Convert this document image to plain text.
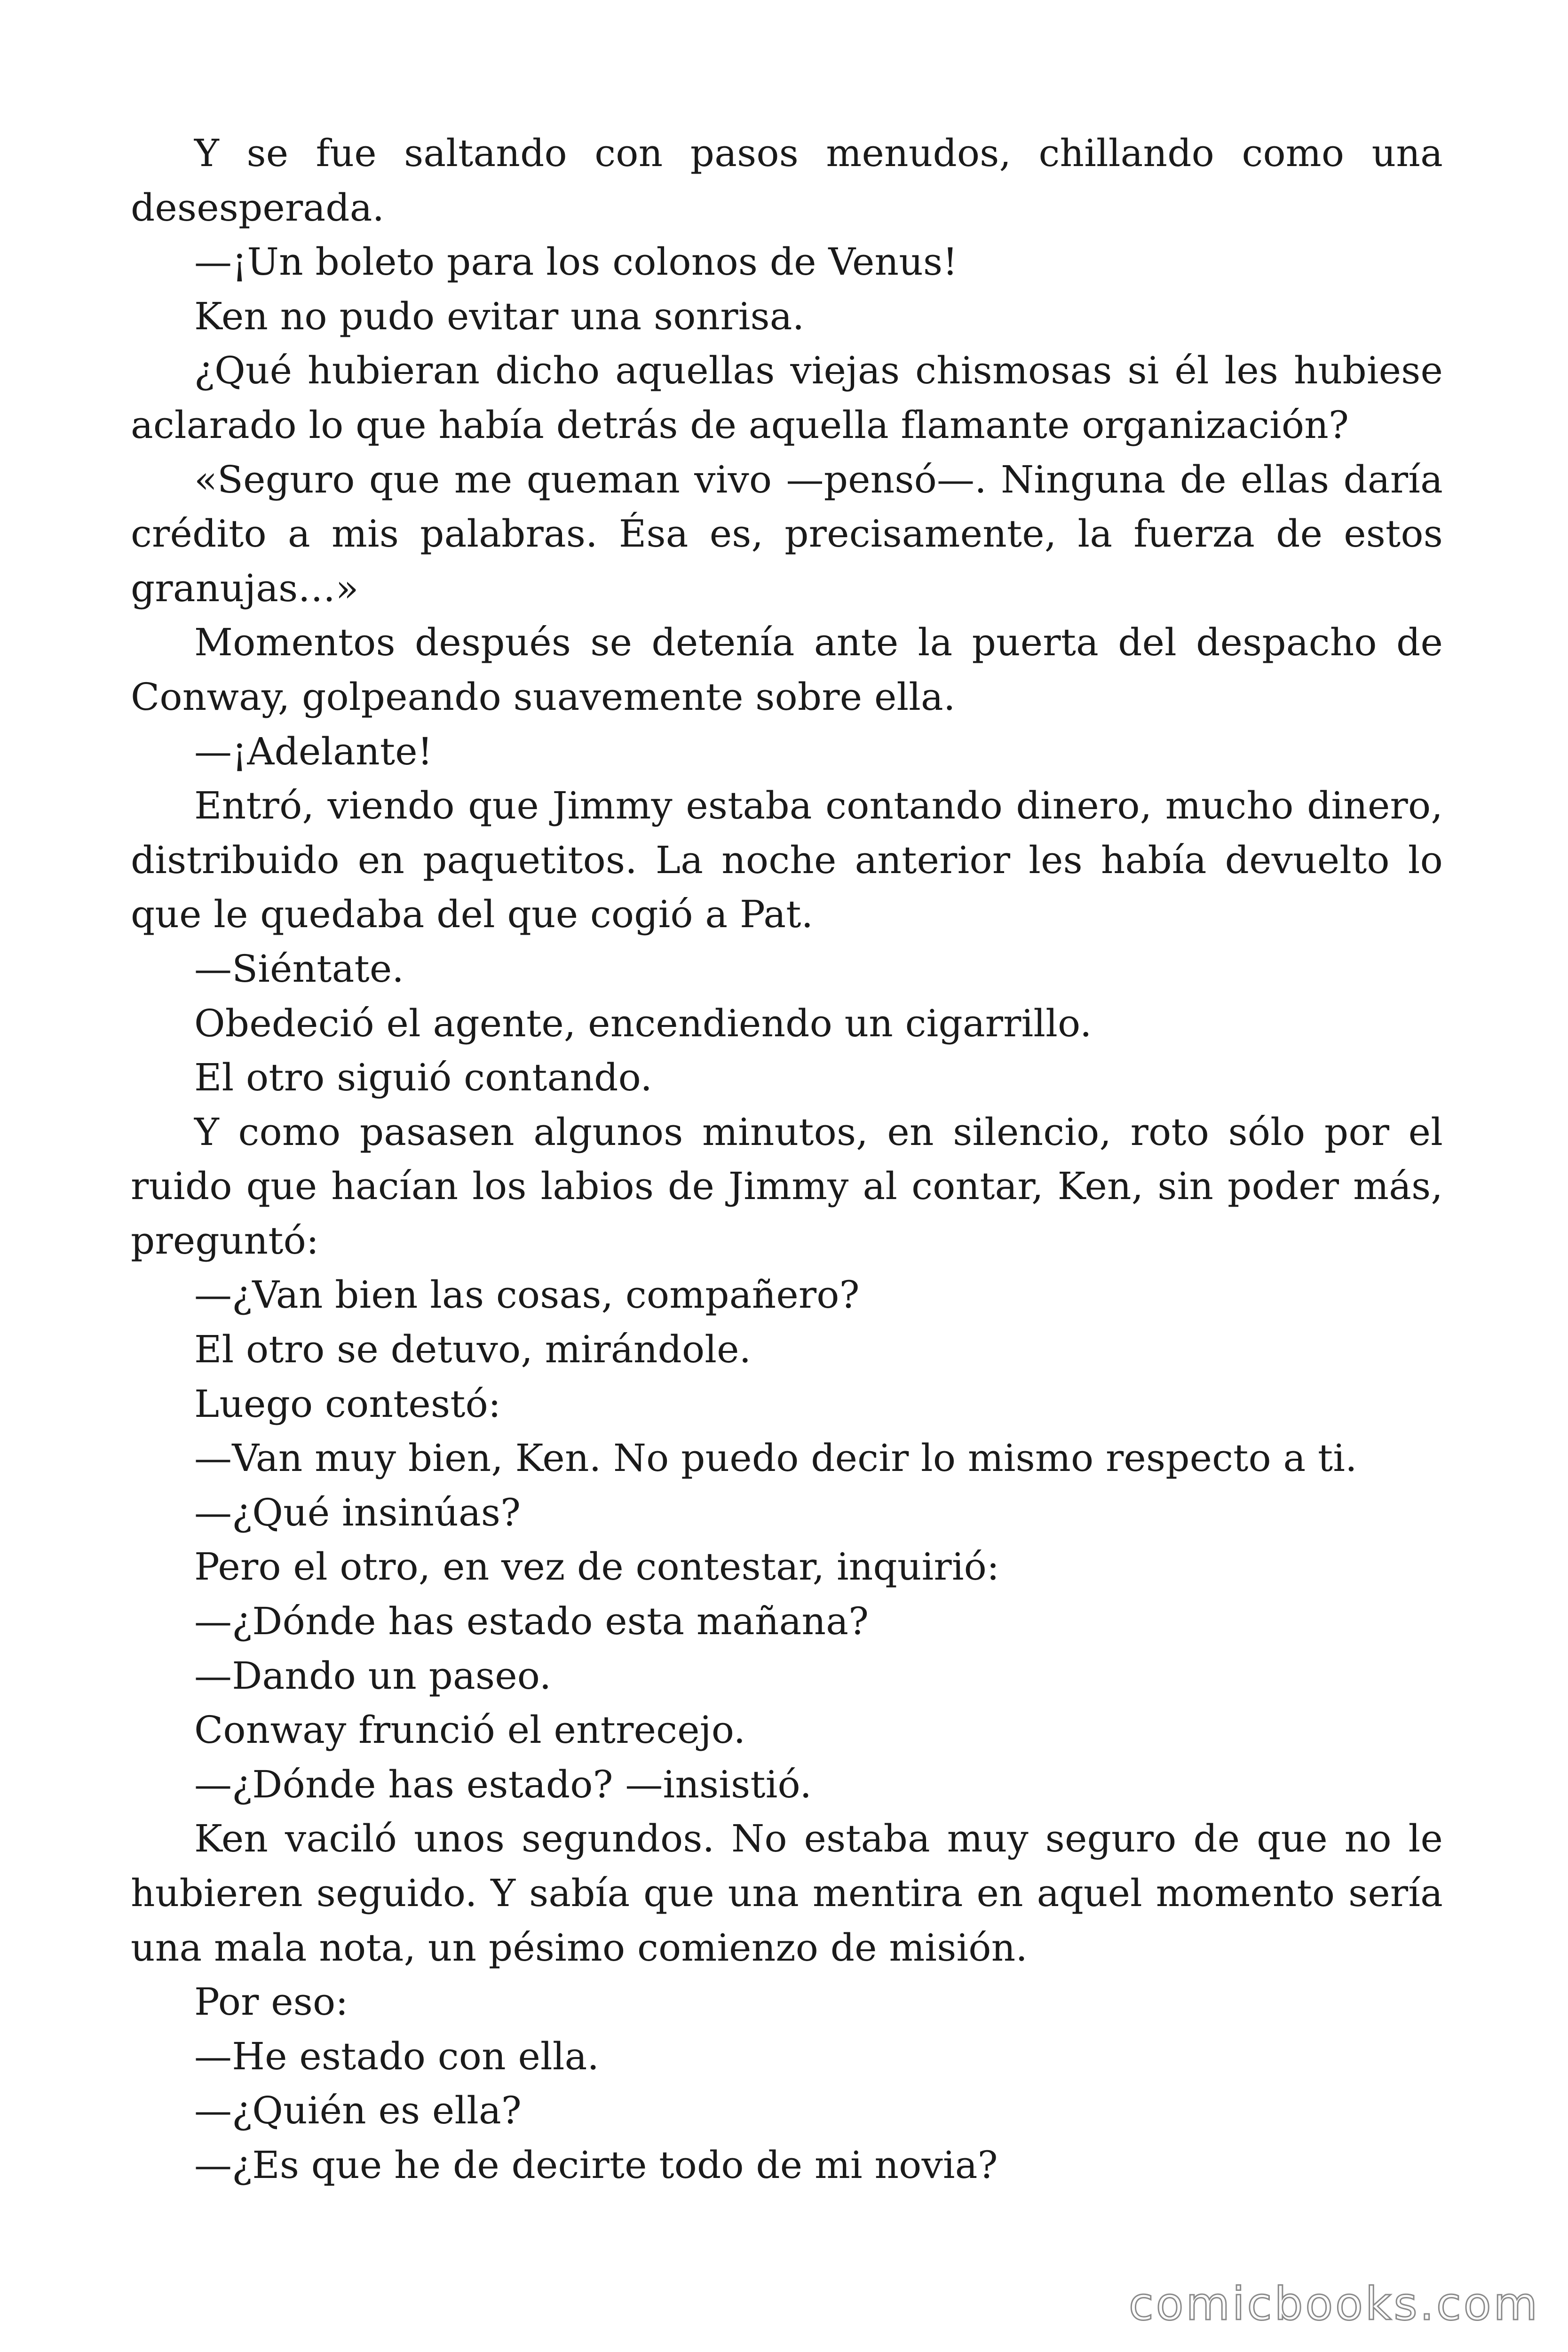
Y se fue saltando con pasos menudos, chillando como una desesperada.

—¡Un boleto para los colonos de Venus!

Ken no pudo evitar una sonrisa.

¿Qué hubieran dicho aquellas viejas chismosas si él les hubiese aclarado lo que había detrás de aquella flamante organización?

«Seguro que me queman vivo —pensó—. Ninguna de ellas daría crédito a mis palabras. Ésa es, precisamente, la fuerza de estos granujas…»

Momentos después se detenía ante la puerta del despacho de Conway, golpeando suavemente sobre ella.

—¡Adelante!

Entró, viendo que Jimmy estaba contando dinero, mucho dinero, distribuido en paquetitos. La noche anterior les había devuelto lo que le quedaba del que cogió a Pat.

—Siéntate.

Obedeció el agente, encendiendo un cigarrillo.

El otro siguió contando.

Y como pasasen algunos minutos, en silencio, roto sólo por el ruido que hacían los labios de Jimmy al contar, Ken, sin poder más, preguntó:

—¿Van bien las cosas, compañero?

El otro se detuvo, mirándole.

Luego contestó:

—Van muy bien, Ken. No puedo decir lo mismo respecto a ti.

—¿Qué insinúas?

Pero el otro, en vez de contestar, inquirió:

—¿Dónde has estado esta mañana?

—Dando un paseo.

Conway frunció el entrecejo.

—¿Dónde has estado? —insistió.

Ken vaciló unos segundos. No estaba muy seguro de que no le hubieren seguido. Y sabía que una mentira en aquel momento sería una mala nota, un pésimo comienzo de misión.

Por eso:

—He estado con ella.

—¿Quién es ella?

—¿Es que he de decirte todo de mi novia?

comicbooks.com
